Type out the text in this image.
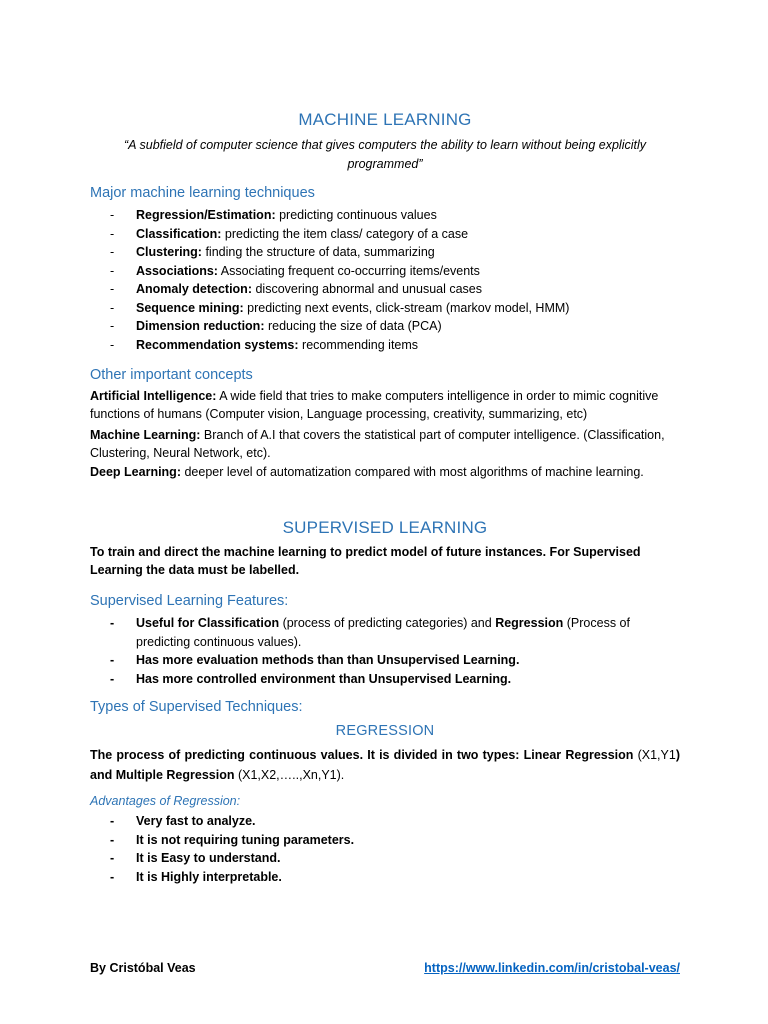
MACHINE LEARNING
“A subfield of computer science that gives computers the ability to learn without being explicitly programmed”
Major machine learning techniques
- Regression/Estimation: predicting continuous values
- Classification: predicting the item class/ category of a case
- Clustering: finding the structure of data, summarizing
- Associations: Associating frequent co-occurring items/events
- Anomaly detection: discovering abnormal and unusual cases
- Sequence mining: predicting next events, click-stream (markov model, HMM)
- Dimension reduction: reducing the size of data (PCA)
- Recommendation systems: recommending items
Other important concepts
Artificial Intelligence: A wide field that tries to make computers intelligence in order to mimic cognitive functions of humans (Computer vision, Language processing, creativity, summarizing, etc)
Machine Learning: Branch of A.I that covers the statistical part of computer intelligence. (Classification, Clustering, Neural Network, etc).
Deep Learning: deeper level of automatization compared with most algorithms of machine learning.
SUPERVISED LEARNING
To train and direct the machine learning to predict model of future instances. For Supervised Learning the data must be labelled.
Supervised Learning Features:
- Useful for Classification (process of predicting categories) and Regression (Process of predicting continuous values).
- Has more evaluation methods than than Unsupervised Learning.
- Has more controlled environment than Unsupervised Learning.
Types of Supervised Techniques:
REGRESSION
The process of predicting continuous values. It is divided in two types: Linear Regression (X1,Y1) and Multiple Regression (X1,X2,…..,Xn,Y1).
Advantages of Regression:
- Very fast to analyze.
- It is not requiring tuning parameters.
- It is Easy to understand.
- It is Highly interpretable.
By Cristóbal Veas	https://www.linkedin.com/in/cristobal-veas/
